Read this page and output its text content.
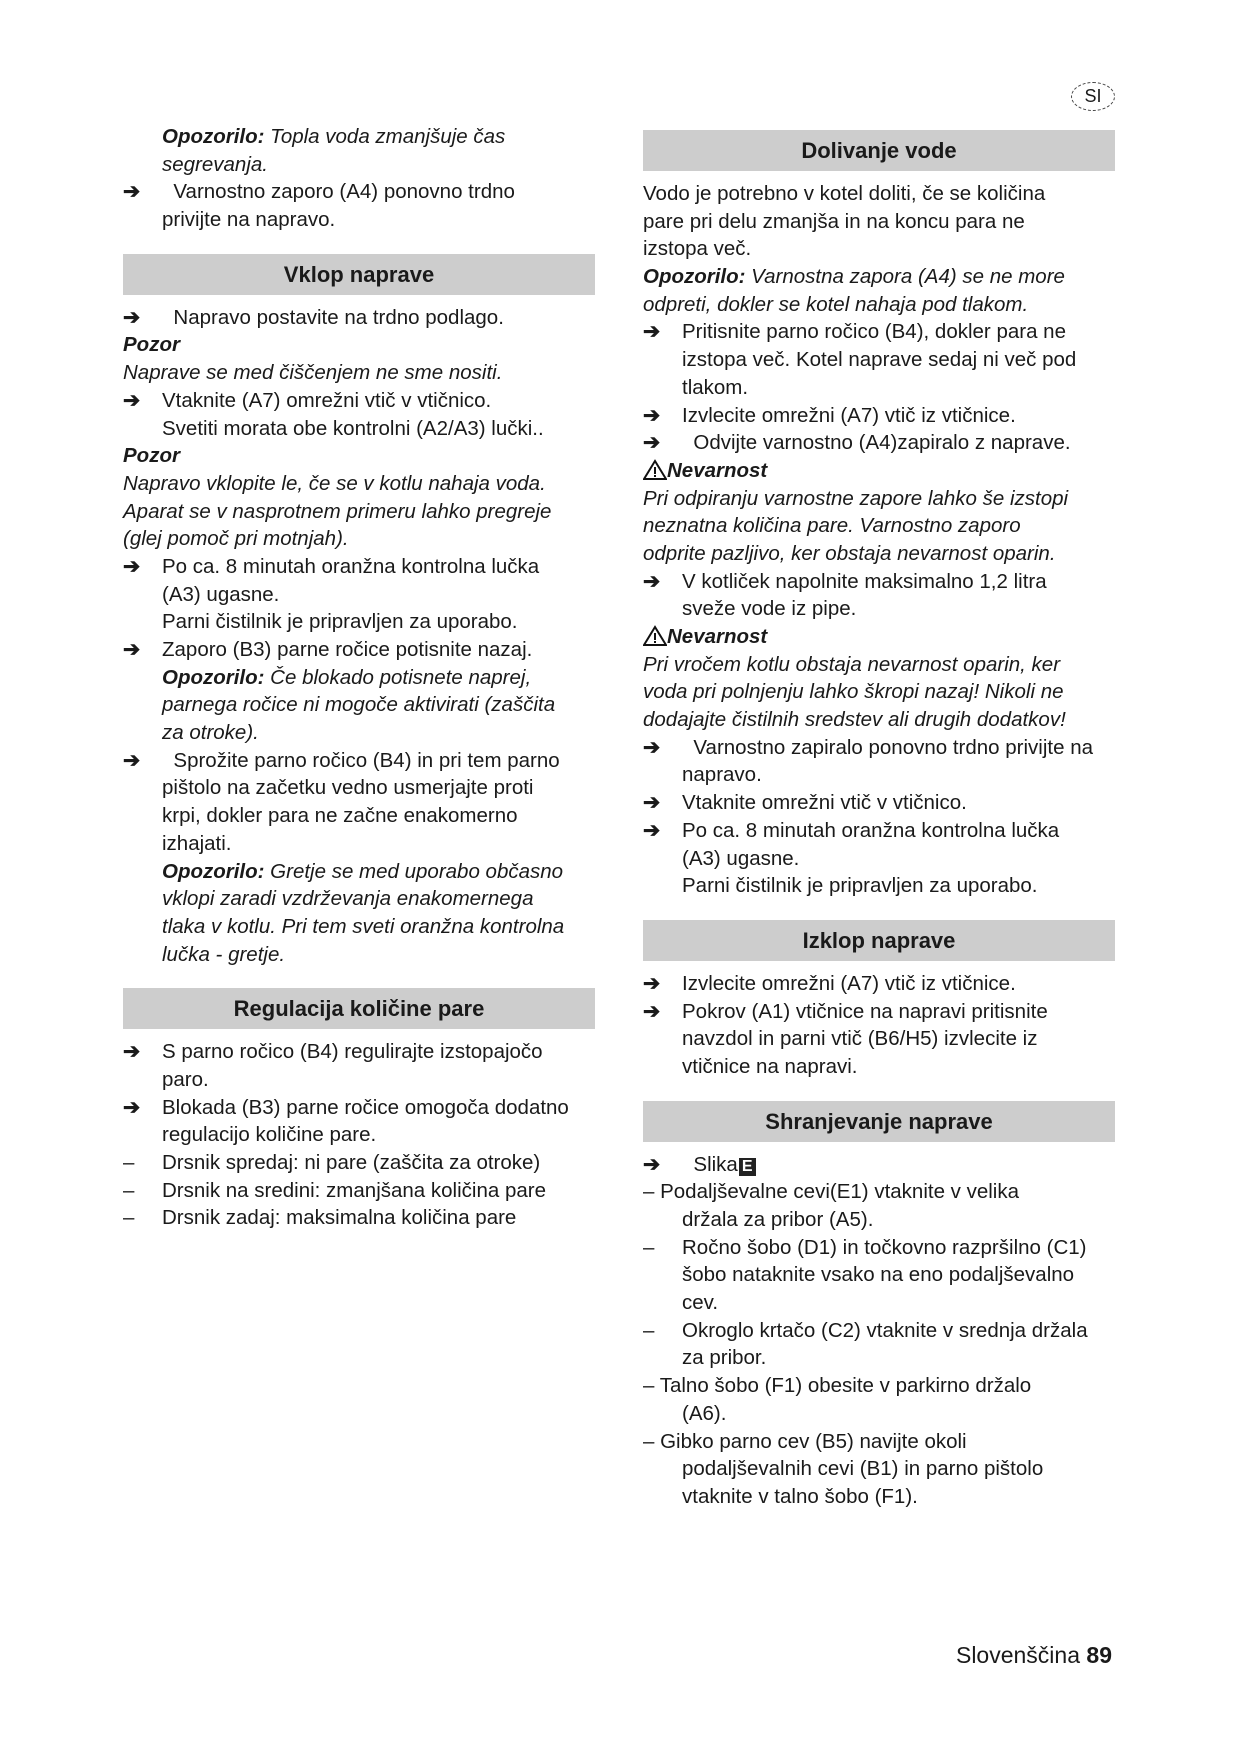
SI
Opozorilo: Topla voda zmanjšuje čas
segrevanja.
➔	Varnostno zaporo (A4) ponovno trdno
privijte na napravo.
Vklop naprave
➔	Napravo postavite na trdno podlago.
Pozor
Naprave se med čiščenjem ne sme nositi.
➔	Vtaknite (A7) omrežni vtič v vtičnico.
Svetiti morata obe kontrolni (A2/A3) lučki..
Pozor
Napravo vklopite le, če se v kotlu nahaja voda.
Aparat se v nasprotnem primeru lahko pregreje
(glej pomoč pri motnjah).
➔	Po ca. 8 minutah oranžna kontrolna lučka
(A3) ugasne.
Parni čistilnik je pripravljen za uporabo.
➔	Zaporo (B3) parne ročice potisnite nazaj.
Opozorilo: Če blokado potisnete naprej,
parnega ročice ni mogoče aktivirati (zaščita
za otroke).
➔	Sprožite parno ročico (B4) in pri tem parno
pištolo na začetku vedno usmerjajte proti
krpi, dokler para ne začne enakomerno
izhajati.
Opozorilo: Gretje se med uporabo občasno
vklopi zaradi vzdrževanja enakomernega
tlaka v kotlu. Pri tem sveti oranžna kontrolna
lučka - gretje.
Regulacija količine pare
➔	S parno ročico (B4) regulirajte izstopajočo
paro.
➔	Blokada (B3) parne ročice omogoča dodatno
regulacijo količine pare.
– Drsnik spredaj: ni pare (zaščita za otroke)
– Drsnik na sredini: zmanjšana količina pare
– Drsnik zadaj: maksimalna količina pare
Dolivanje vode
Vodo je potrebno v kotel doliti, če se količina
pare pri delu zmanjša in na koncu para ne
izstopa več.
Opozorilo: Varnostna zapora (A4) se ne more
odpreti, dokler se kotel nahaja pod tlakom.
➔	Pritisnite parno ročico (B4), dokler para ne
izstopa več. Kotel naprave sedaj ni več pod
tlakom.
➔	Izvlecite omrežni (A7) vtič iz vtičnice.
➔	Odvijte varnostno (A4)zapiralo z naprave.
Nevarnost
Pri odpiranju varnostne zapore lahko še izstopi
neznatna količina pare. Varnostno zaporo
odprite pazljivo, ker obstaja nevarnost oparin.
➔	V kotliček napolnite maksimalno 1,2 litra
sveže vode iz pipe.
Nevarnost
Pri vročem kotlu obstaja nevarnost oparin, ker
voda pri polnjenju lahko škropi nazaj! Nikoli ne
dodajajte čistilnih sredstev ali drugih dodatkov!
➔	Varnostno zapiralo ponovno trdno privijte na
napravo.
➔	Vtaknite omrežni vtič v vtičnico.
➔	Po ca. 8 minutah oranžna kontrolna lučka
(A3) ugasne.
Parni čistilnik je pripravljen za uporabo.
Izklop naprave
➔	Izvlecite omrežni (A7) vtič iz vtičnice.
➔	Pokrov (A1) vtičnice na napravi pritisnite
navzdol in parni vtič (B6/H5) izvlecite iz
vtičnice na napravi.
Shranjevanje naprave
➔	Slika E
– Podaljševalne cevi(E1) vtaknite v velika
držala za pribor (A5).
– Ročno šobo (D1) in točkovno razpršilno (C1)
šobo nataknite vsako na eno podaljševalno
cev.
– Okroglo krtačo (C2) vtaknite v srednja držala
za pribor.
– Talno šobo (F1) obesite v parkirno držalo
(A6).
– Gibko parno cev (B5) navijte okoli
podaljševalnih cevi (B1) in parno pištolo
vtaknite v talno šobo (F1).
Slovenščina 89
